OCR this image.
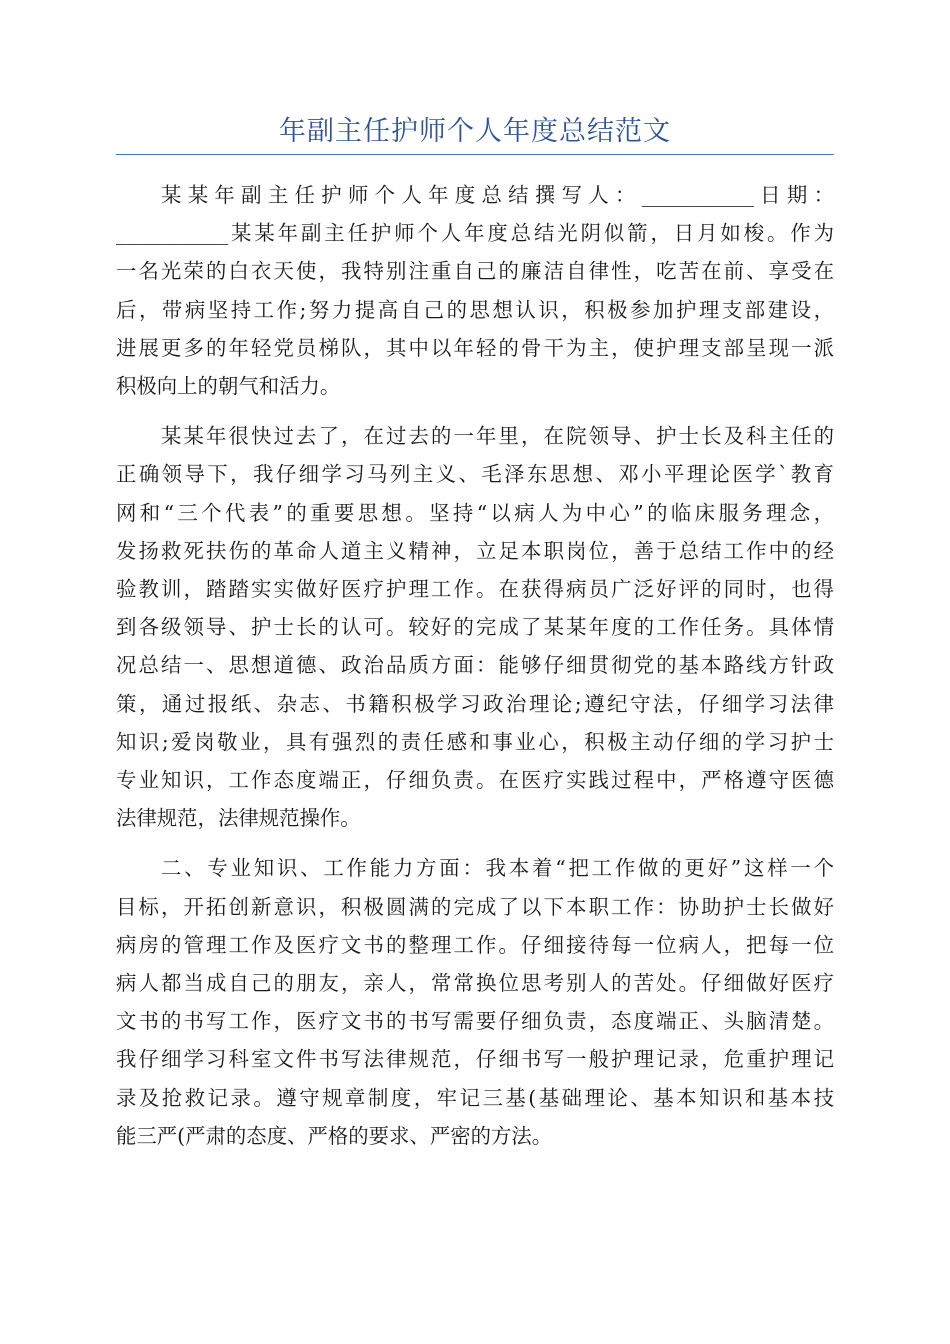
年副主任护师个人年度总结范文
某某年副主任护师个人年度总结撰写人：___________日期：
___________某某年副主任护师个人年度总结光阴似箭，日月如梭。作为
一名光荣的白衣天使，我特别注重自己的廉洁自律性，吃苦在前、享受在
后，带病坚持工作;努力提高自己的思想认识，积极参加护理支部建设，
进展更多的年轻党员梯队，其中以年轻的骨干为主，使护理支部呈现一派
积极向上的朝气和活力。
某某年很快过去了，在过去的一年里，在院领导、护士长及科主任的
正确领导下，我仔细学习马列主义、毛泽东思想、邓小平理论医学`教育
网和“三个代表”的重要思想。坚持“以病人为中心”的临床服务理念，
发扬救死扶伤的革命人道主义精神，立足本职岗位，善于总结工作中的经
验教训，踏踏实实做好医疗护理工作。在获得病员广泛好评的同时，也得
到各级领导、护士长的认可。较好的完成了某某年度的工作任务。具体情
况总结一、思想道德、政治品质方面：能够仔细贯彻党的基本路线方针政
策，通过报纸、杂志、书籍积极学习政治理论;遵纪守法，仔细学习法律
知识;爱岗敬业，具有强烈的责任感和事业心，积极主动仔细的学习护士
专业知识，工作态度端正，仔细负责。在医疗实践过程中，严格遵守医德
法律规范，法律规范操作。
二、专业知识、工作能力方面：我本着“把工作做的更好”这样一个
目标，开拓创新意识，积极圆满的完成了以下本职工作：协助护士长做好
病房的管理工作及医疗文书的整理工作。仔细接待每一位病人，把每一位
病人都当成自己的朋友，亲人，常常换位思考别人的苦处。仔细做好医疗
文书的书写工作，医疗文书的书写需要仔细负责，态度端正、头脑清楚。
我仔细学习科室文件书写法律规范，仔细书写一般护理记录，危重护理记
录及抢救记录。遵守规章制度，牢记三基(基础理论、基本知识和基本技
能三严(严肃的态度、严格的要求、严密的方法。
